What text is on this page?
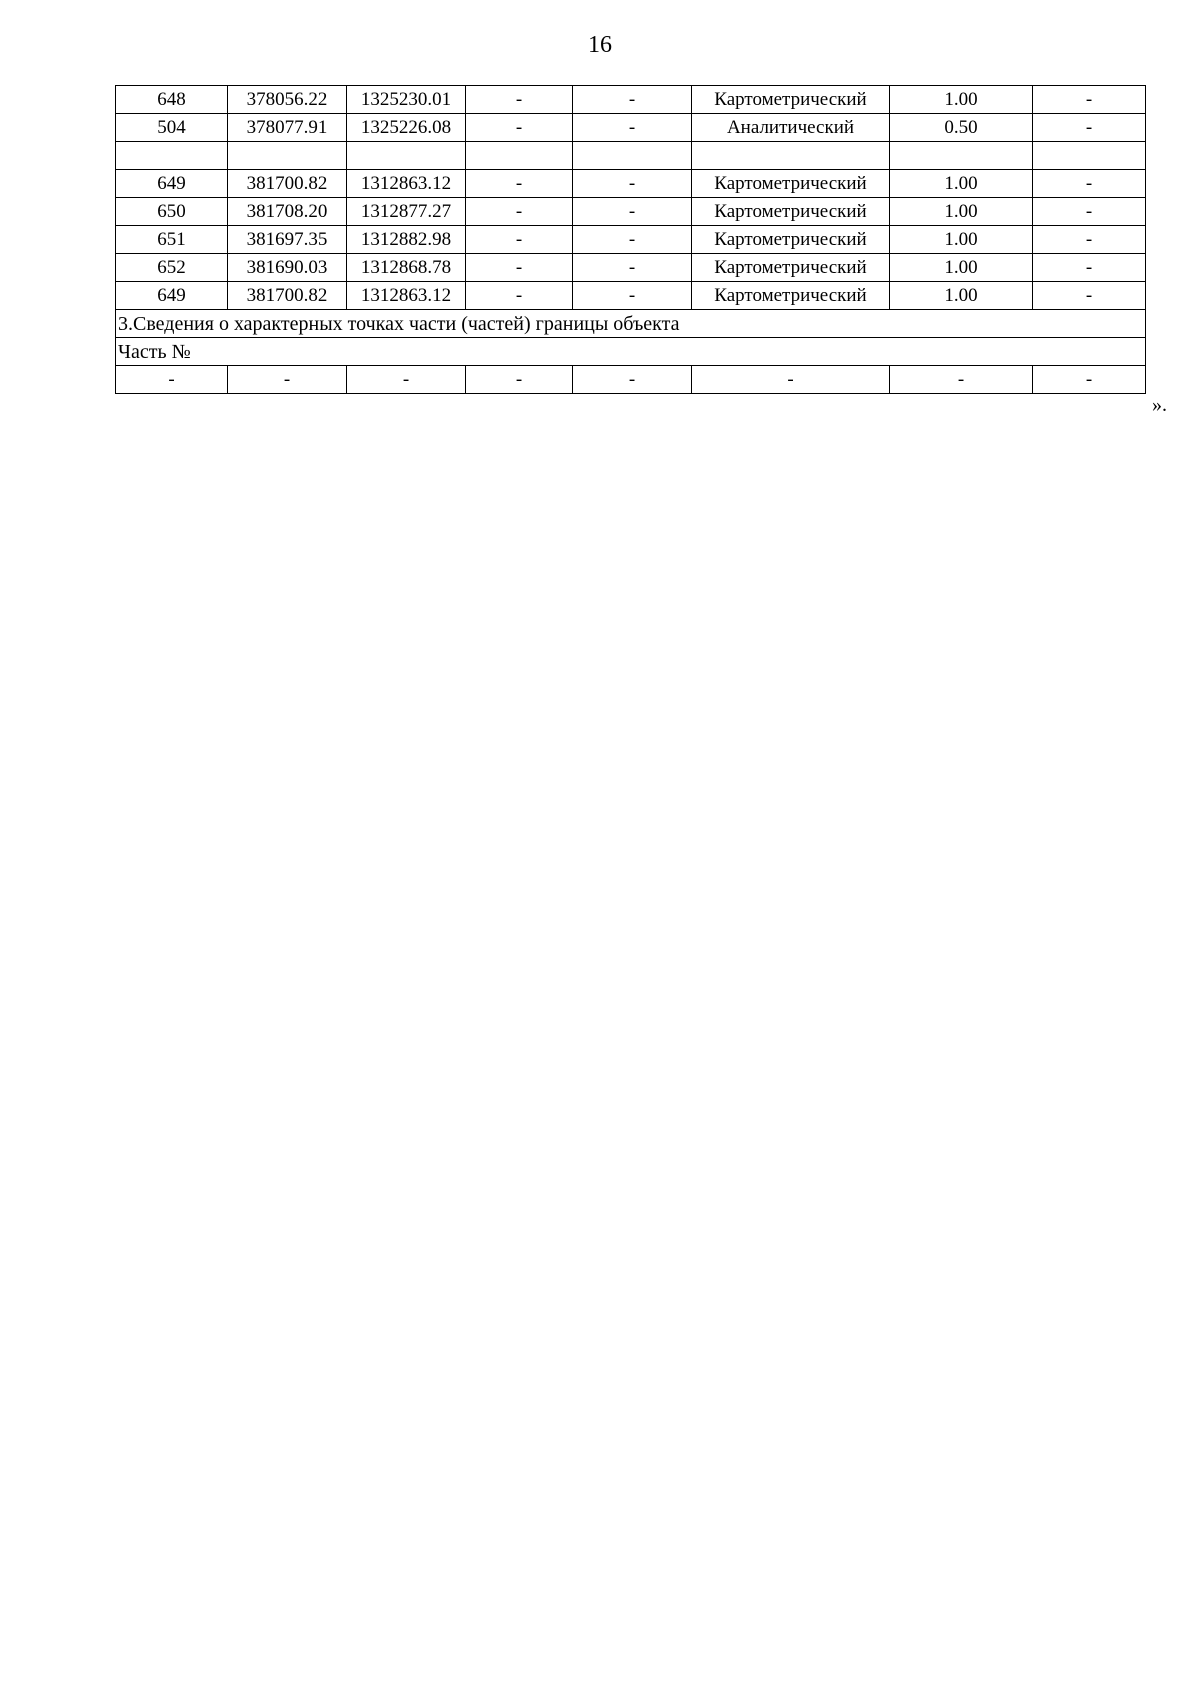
16
648	378056.22	1325230.01	-	-	Картометрический	1.00	-
504	378077.91	1325226.08	-	-	Аналитический	0.50	-

649	381700.82	1312863.12	-	-	Картометрический	1.00	-
650	381708.20	1312877.27	-	-	Картометрический	1.00	-
651	381697.35	1312882.98	-	-	Картометрический	1.00	-
652	381690.03	1312868.78	-	-	Картометрический	1.00	-
649	381700.82	1312863.12	-	-	Картометрический	1.00	-
3.Сведения о характерных точках части (частей) границы объекта							
Часть №							
-	-	-	-	-	-	-	-
».
